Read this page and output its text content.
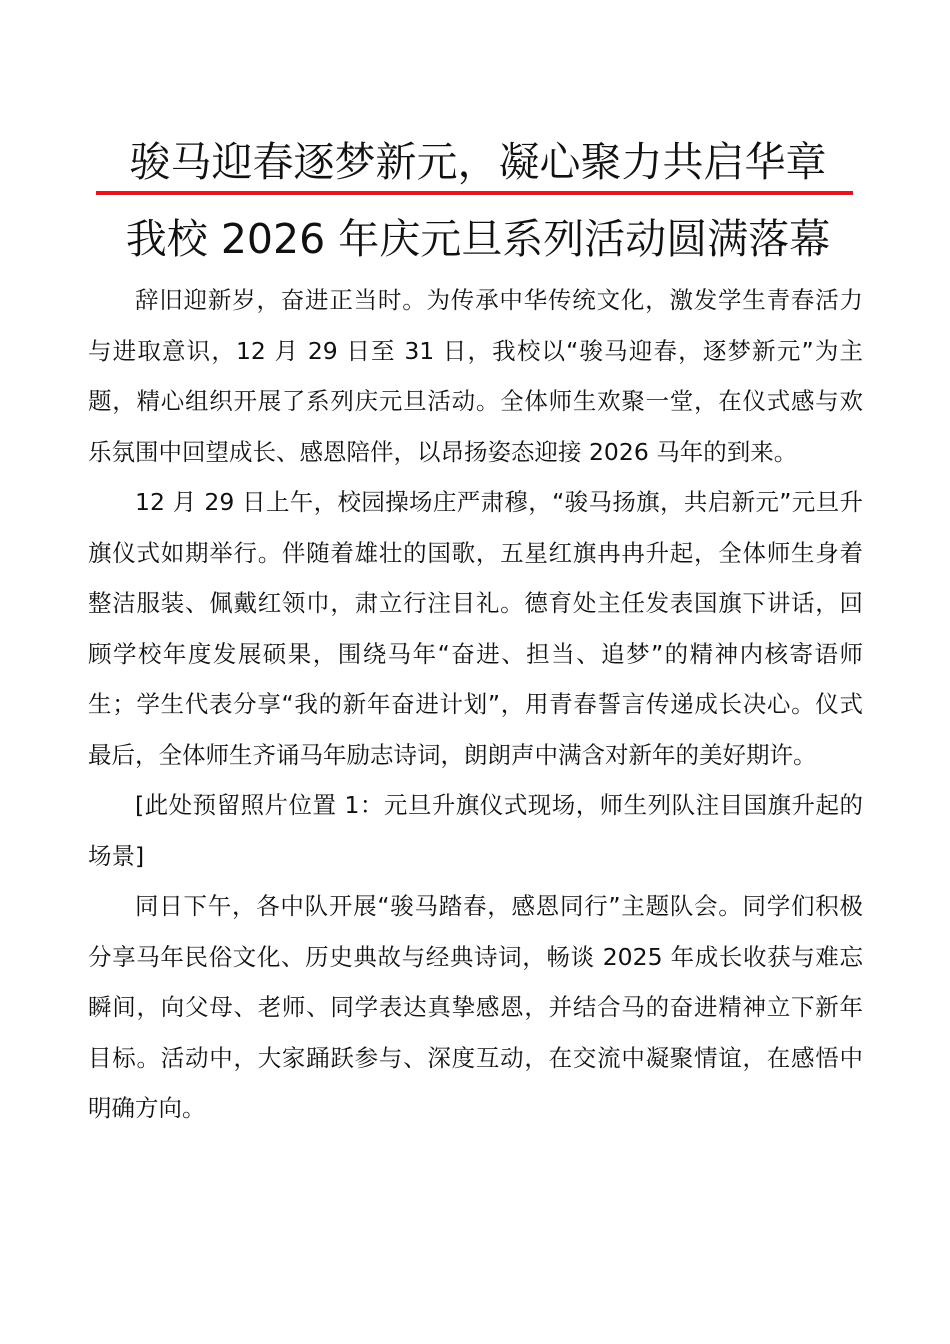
骏马迎春逐梦新元，凝心聚力共启华章
我校 2026 年庆元旦系列活动圆满落幕

辞旧迎新岁，奋进正当时。为传承中华传统文化，激发学生青春活力与进取意识，12 月 29 日至 31 日，我校以“骏马迎春，逐梦新元”为主题，精心组织开展了系列庆元旦活动。全体师生欢聚一堂，在仪式感与欢乐氛围中回望成长、感恩陪伴，以昂扬姿态迎接 2026 马年的到来。

12 月 29 日上午，校园操场庄严肃穆，“骏马扬旗，共启新元”元旦升旗仪式如期举行。伴随着雄壮的国歌，五星红旗冉冉升起，全体师生身着整洁服装、佩戴红领巾，肃立行注目礼。德育处主任发表国旗下讲话，回顾学校年度发展硕果，围绕马年“奋进、担当、追梦”的精神内核寄语师生；学生代表分享“我的新年奋进计划”，用青春誓言传递成长决心。仪式最后，全体师生齐诵马年励志诗词，朗朗声中满含对新年的美好期许。

[此处预留照片位置 1：元旦升旗仪式现场，师生列队注目国旗升起的场景]

同日下午，各中队开展“骏马踏春，感恩同行”主题队会。同学们积极分享马年民俗文化、历史典故与经典诗词，畅谈 2025 年成长收获与难忘瞬间，向父母、老师、同学表达真挚感恩，并结合马的奋进精神立下新年目标。活动中，大家踊跃参与、深度互动，在交流中凝聚情谊，在感悟中明确方向。
